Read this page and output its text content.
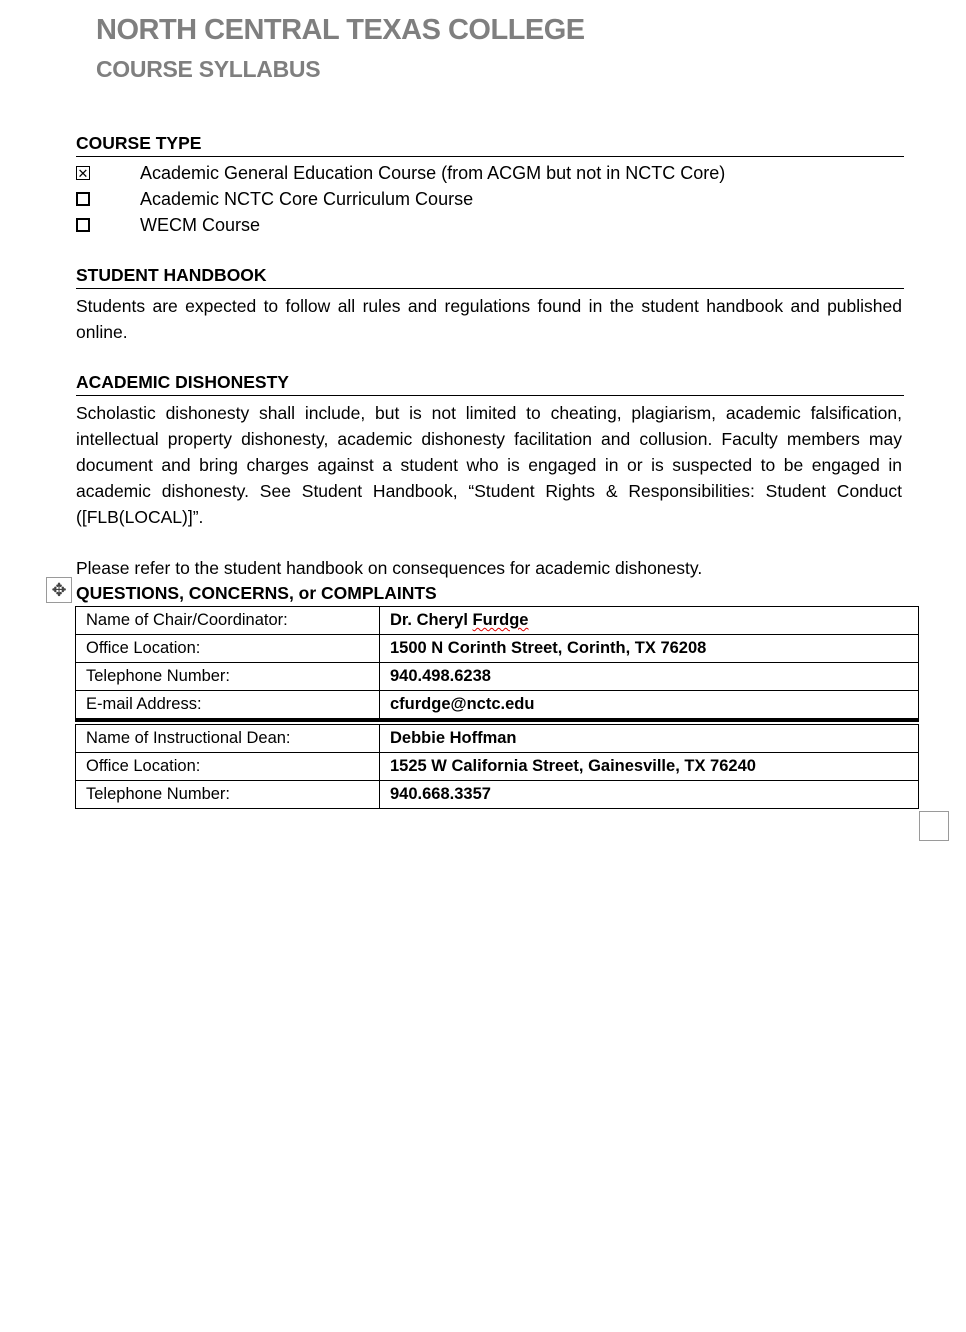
NORTH CENTRAL TEXAS COLLEGE
COURSE SYLLABUS
COURSE TYPE
✕	Academic General Education Course (from ACGM but not in NCTC Core)
Academic NCTC Core Curriculum Course
WECM Course
STUDENT HANDBOOK
Students are expected to follow all rules and regulations found in the student handbook and published online.
ACADEMIC DISHONESTY
Scholastic dishonesty shall include, but is not limited to cheating, plagiarism, academic falsification, intellectual property dishonesty, academic dishonesty facilitation and collusion. Faculty members may document and bring charges against a student who is engaged in or is suspected to be engaged in academic dishonesty. See Student Handbook, “Student Rights & Responsibilities: Student Conduct ([FLB(LOCAL)]”.
Please refer to the student handbook on consequences for academic dishonesty.
✥ QUESTIONS, CONCERNS, or COMPLAINTS
Name of Chair/Coordinator:	Dr. Cheryl Furdge
Office Location:	1500 N Corinth Street, Corinth, TX 76208
Telephone Number:	940.498.6238
E-mail Address:	cfurdge@nctc.edu
Name of Instructional Dean:	Debbie Hoffman
Office Location:	1525 W California Street, Gainesville, TX 76240
Telephone Number:	940.668.3357
